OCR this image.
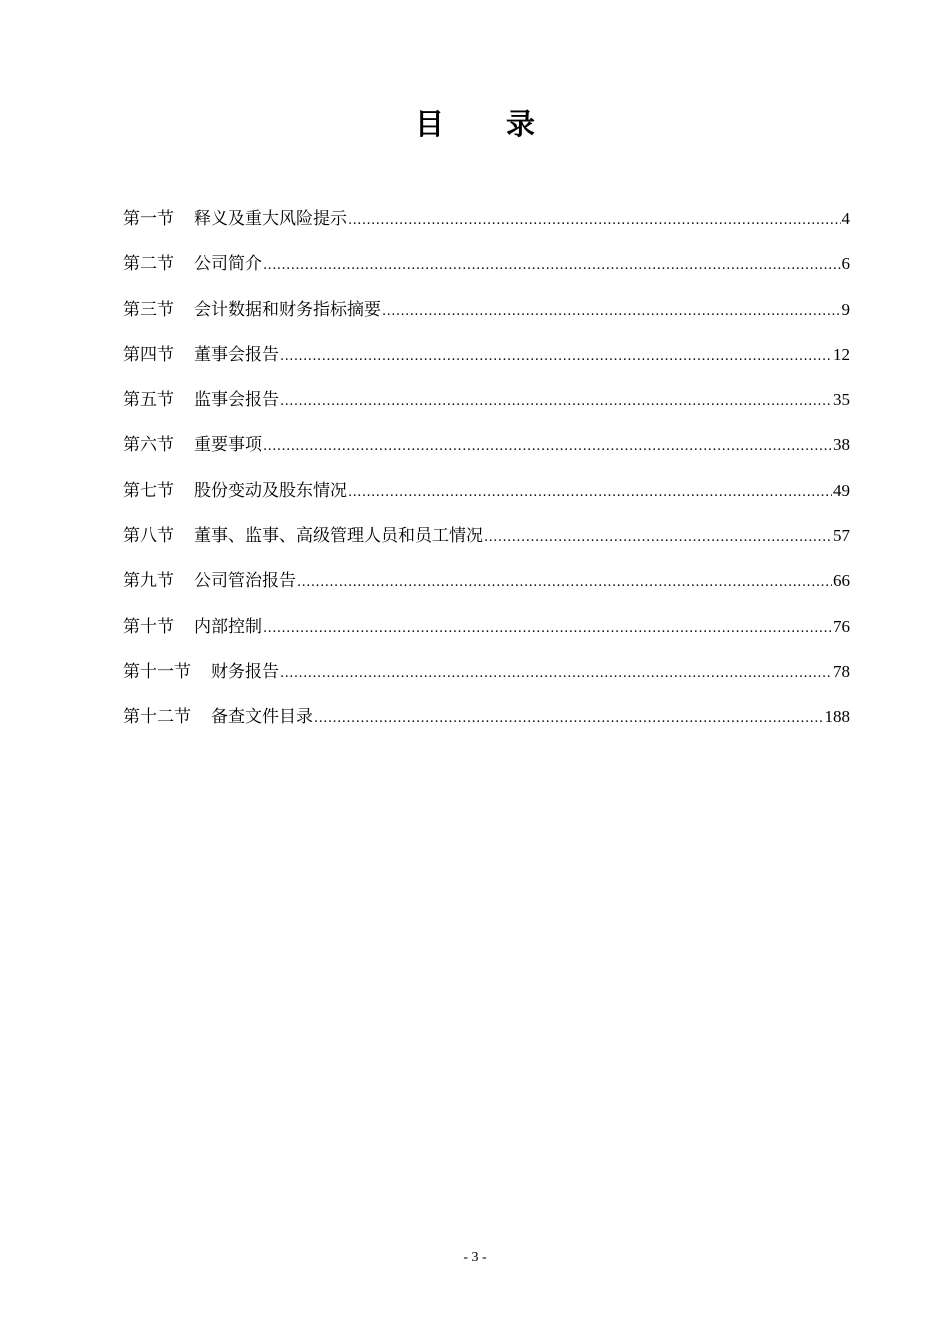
目 录
第一节 释义及重大风险提示 .....	4
第二节 公司简介 .....	6
第三节 会计数据和财务指标摘要 .....	9
第四节 董事会报告 .....	12
第五节 监事会报告 .....	35
第六节 重要事项 .....	38
第七节 股份变动及股东情况 .....	49
第八节 董事、监事、高级管理人员和员工情况 .....	57
第九节 公司管治报告 .....	66
第十节 内部控制 .....	76
第十一节 财务报告 .....	78
第十二节 备查文件目录 .....	188
- 3 -
